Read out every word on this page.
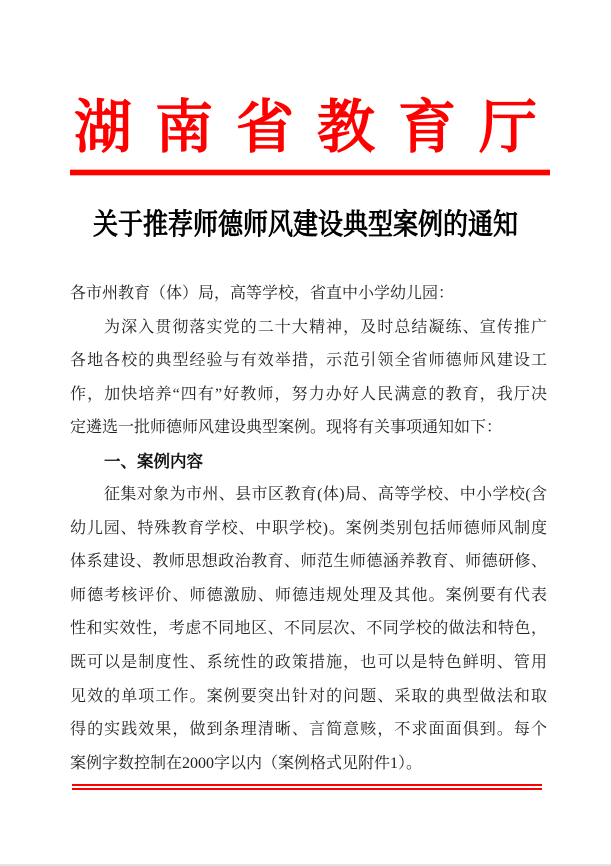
湖南省教育厅
关于推荐师德师风建设典型案例的通知
各市州教育（体）局，高等学校，省直中小学幼儿园：
为深入贯彻落实党的二十大精神，及时总结凝练、宣传推广
各地各校的典型经验与有效举措，示范引领全省师德师风建设工
作，加快培养“四有”好教师，努力办好人民满意的教育，我厅决
定遴选一批师德师风建设典型案例。现将有关事项通知如下：
一、案例内容
征集对象为市州、县市区教育(体)局、高等学校、中小学校(含
幼儿园、特殊教育学校、中职学校)。案例类别包括师德师风制度
体系建设、教师思想政治教育、师范生师德涵养教育、师德研修、
师德考核评价、师德激励、师德违规处理及其他。案例要有代表
性和实效性，考虑不同地区、不同层次、不同学校的做法和特色，
既可以是制度性、系统性的政策措施，也可以是特色鲜明、管用
见效的单项工作。案例要突出针对的问题、采取的典型做法和取
得的实践效果，做到条理清晰、言简意赅，不求面面俱到。每个
案例字数控制在2000字以内（案例格式见附件1）。
